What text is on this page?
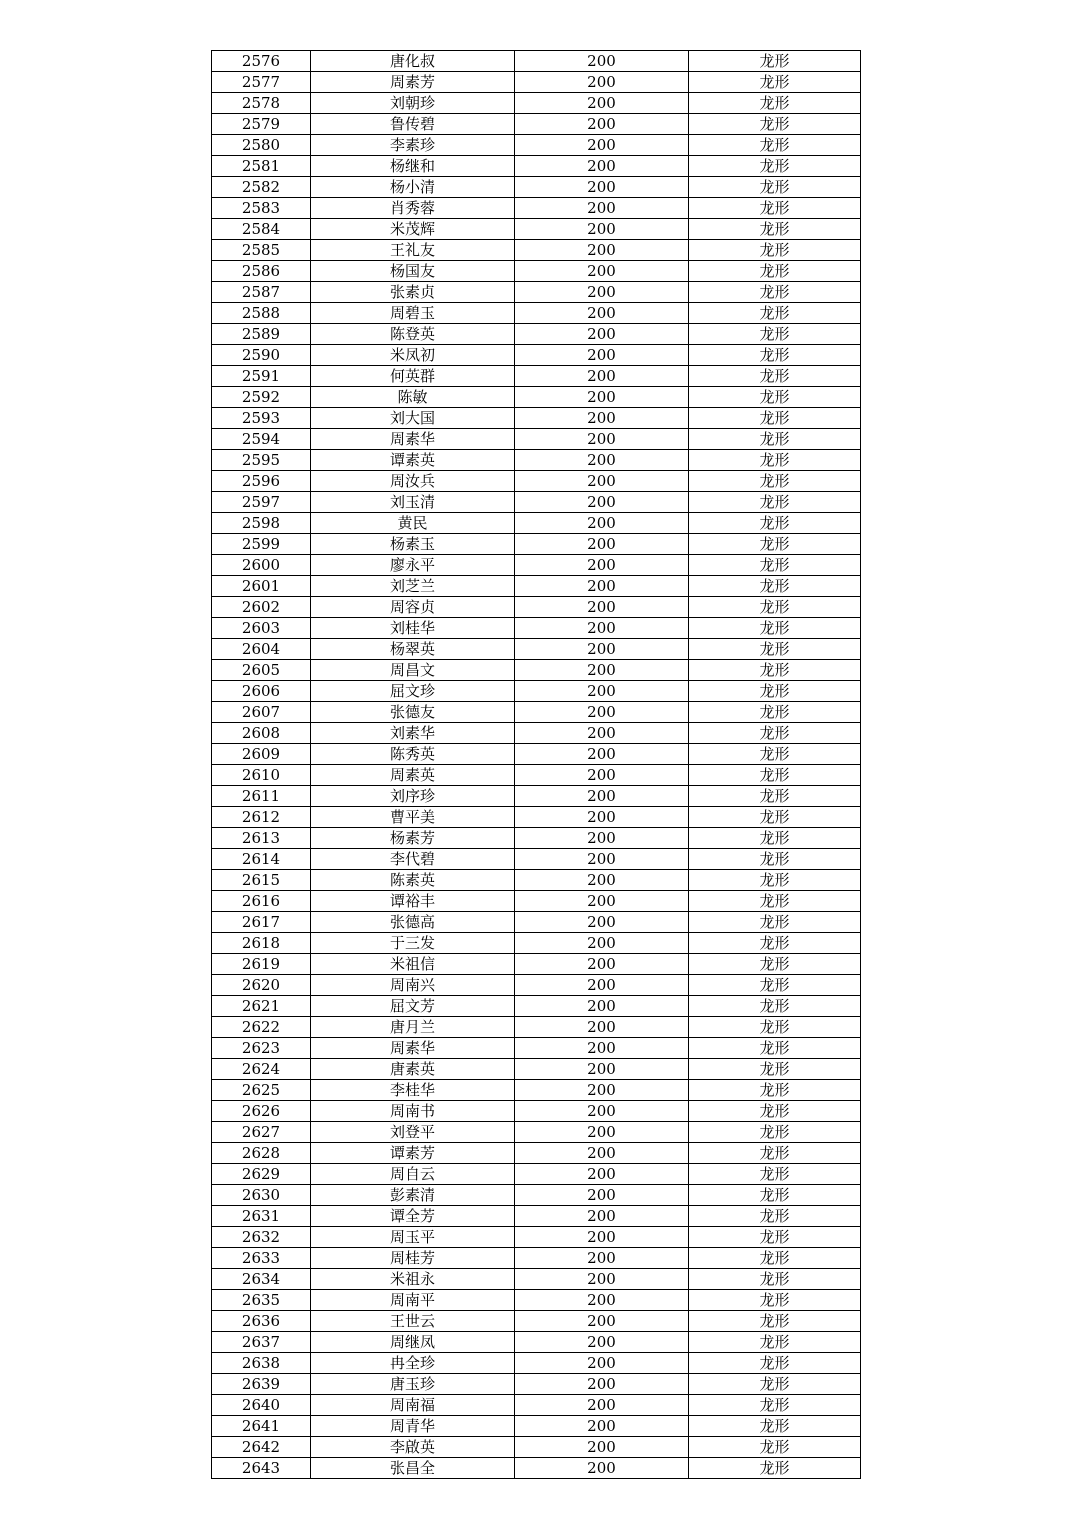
2576	唐化叔	200	龙形
2577	周素芳	200	龙形
2578	刘朝珍	200	龙形
2579	鲁传碧	200	龙形
2580	李素珍	200	龙形
2581	杨继和	200	龙形
2582	杨小清	200	龙形
2583	肖秀蓉	200	龙形
2584	米茂辉	200	龙形
2585	王礼友	200	龙形
2586	杨国友	200	龙形
2587	张素贞	200	龙形
2588	周碧玉	200	龙形
2589	陈登英	200	龙形
2590	米凤初	200	龙形
2591	何英群	200	龙形
2592	陈敏	200	龙形
2593	刘大国	200	龙形
2594	周素华	200	龙形
2595	谭素英	200	龙形
2596	周汝兵	200	龙形
2597	刘玉清	200	龙形
2598	黄民	200	龙形
2599	杨素玉	200	龙形
2600	廖永平	200	龙形
2601	刘芝兰	200	龙形
2602	周容贞	200	龙形
2603	刘桂华	200	龙形
2604	杨翠英	200	龙形
2605	周昌文	200	龙形
2606	屈文珍	200	龙形
2607	张德友	200	龙形
2608	刘素华	200	龙形
2609	陈秀英	200	龙形
2610	周素英	200	龙形
2611	刘序珍	200	龙形
2612	曹平美	200	龙形
2613	杨素芳	200	龙形
2614	李代碧	200	龙形
2615	陈素英	200	龙形
2616	谭裕丰	200	龙形
2617	张德高	200	龙形
2618	于三发	200	龙形
2619	米祖信	200	龙形
2620	周南兴	200	龙形
2621	屈文芳	200	龙形
2622	唐月兰	200	龙形
2623	周素华	200	龙形
2624	唐素英	200	龙形
2625	李桂华	200	龙形
2626	周南书	200	龙形
2627	刘登平	200	龙形
2628	谭素芳	200	龙形
2629	周自云	200	龙形
2630	彭素清	200	龙形
2631	谭全芳	200	龙形
2632	周玉平	200	龙形
2633	周桂芳	200	龙形
2634	米祖永	200	龙形
2635	周南平	200	龙形
2636	王世云	200	龙形
2637	周继凤	200	龙形
2638	冉全珍	200	龙形
2639	唐玉珍	200	龙形
2640	周南福	200	龙形
2641	周青华	200	龙形
2642	李啟英	200	龙形
2643	张昌全	200	龙形
